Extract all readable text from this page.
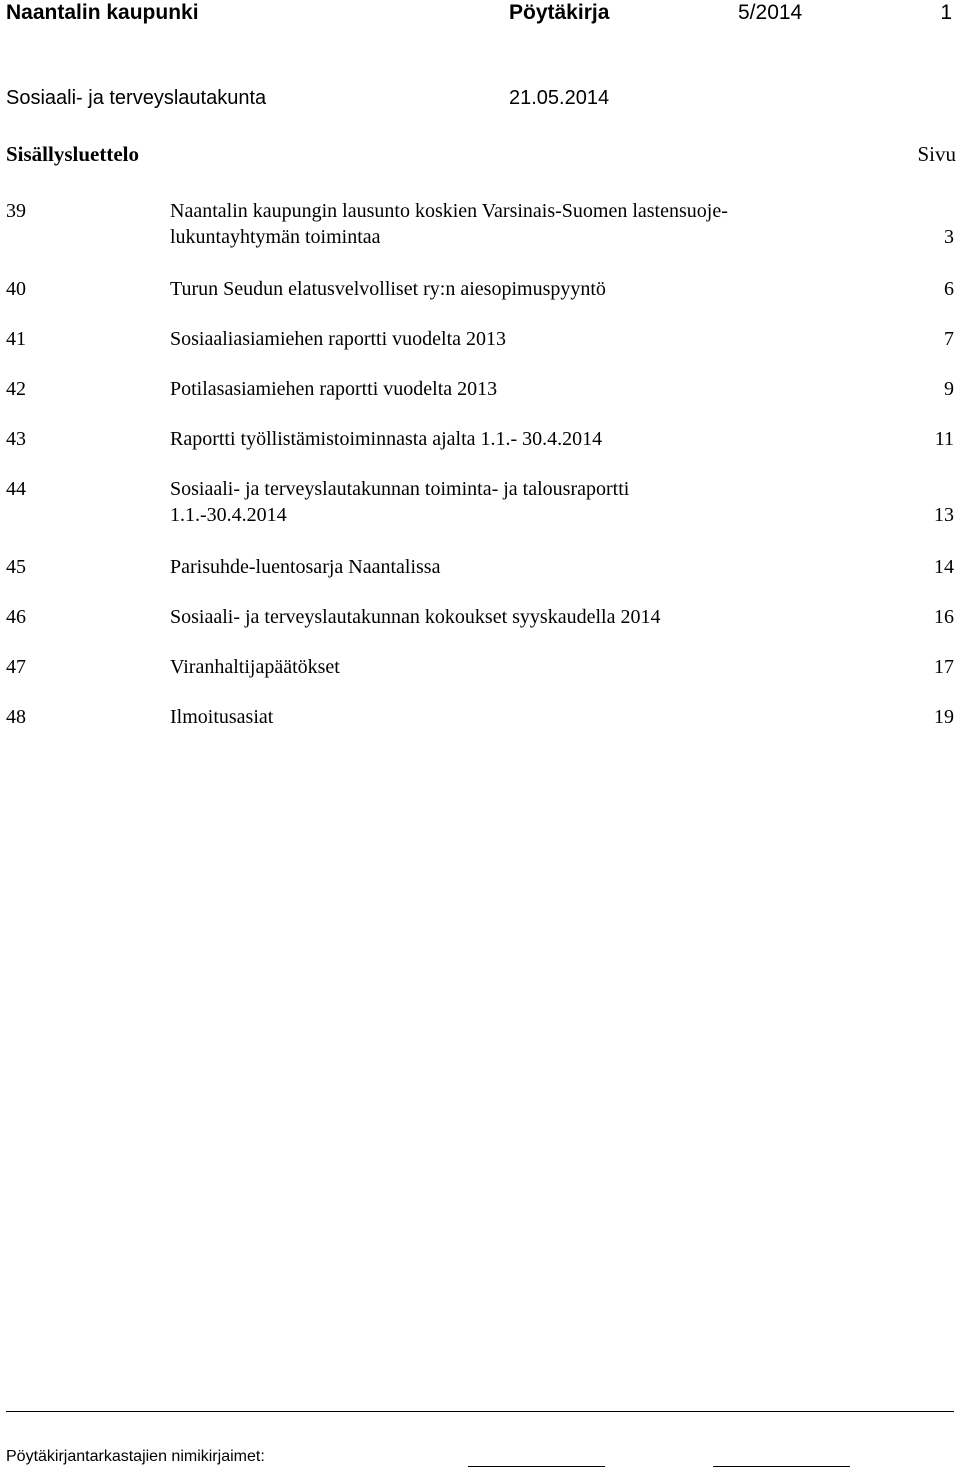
Naantalin kaupunki	Pöytäkirja	5/2014	1
Sosiaali- ja terveyslautakunta	21.05.2014
Sisällysluettelo	Sivu
39	Naantalin kaupungin lausunto koskien Varsinais-Suomen lastensuoje-
lukuntayhtymän toimintaa	3
40	Turun Seudun elatusvelvolliset ry:n aiesopimuspyyntö	6
41	Sosiaaliasiamiehen raportti vuodelta 2013	7
42	Potilasasiamiehen raportti vuodelta 2013	9
43	Raportti työllistämistoiminnasta ajalta 1.1.- 30.4.2014	11
44	Sosiaali- ja terveyslautakunnan toiminta- ja talousraportti
1.1.-30.4.2014	13
45	Parisuhde-luentosarja Naantalissa	14
46	Sosiaali- ja terveyslautakunnan kokoukset syyskaudella 2014	16
47	Viranhaltijapäätökset	17
48	Ilmoitusasiat	19
Pöytäkirjantarkastajien nimikirjaimet:
